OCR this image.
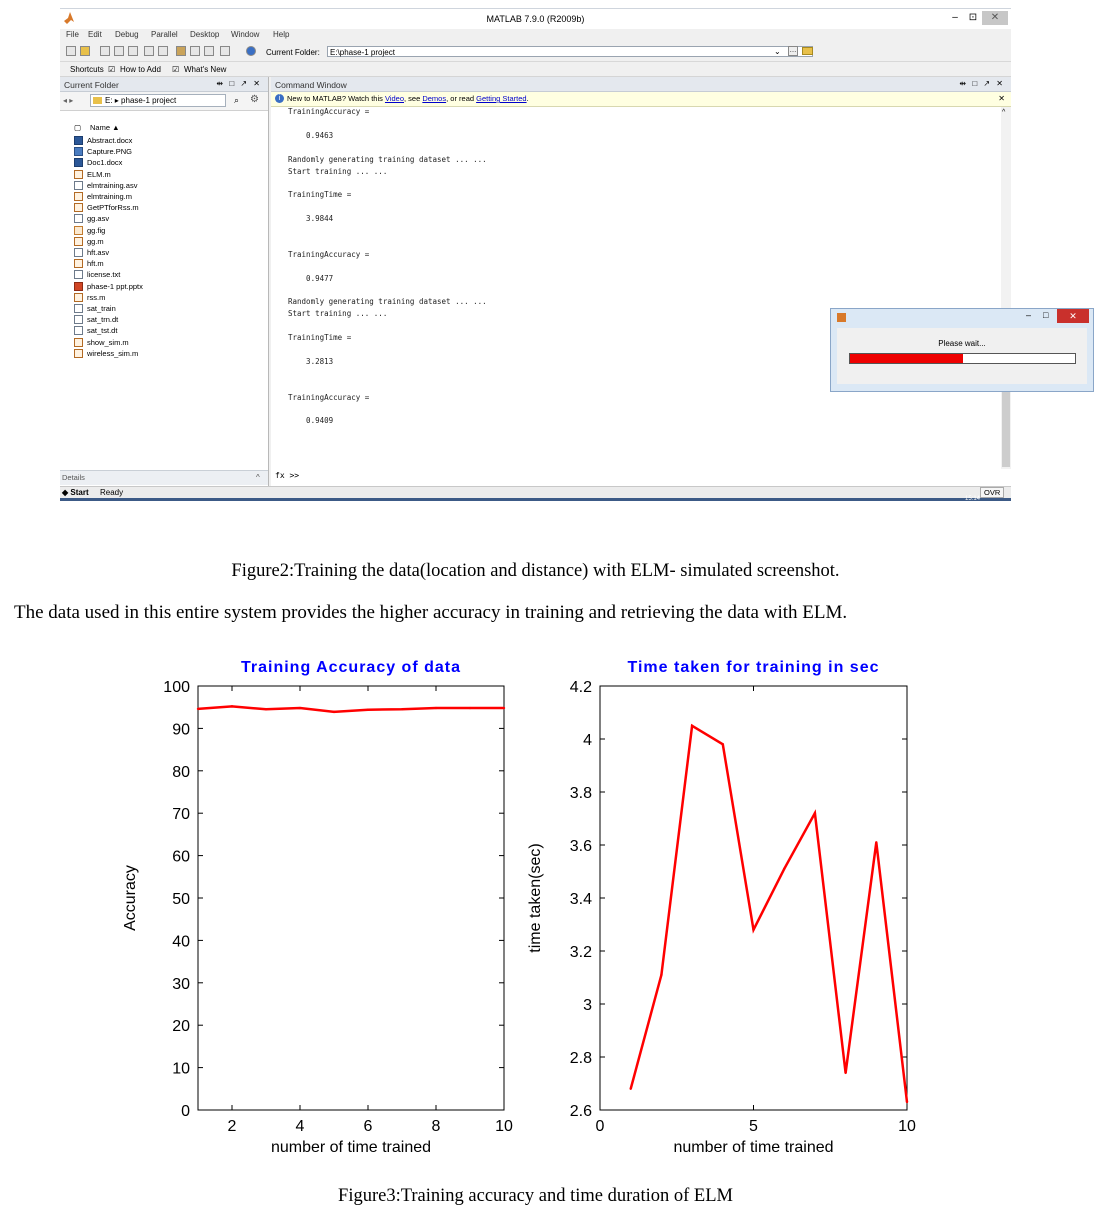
MATLAB 7.9.0 (R2009b)	–	⊡	✕
File Edit Debug Parallel Desktop Window Help
Current Folder:	E:\phase-1 project	⌄ …
Shortcuts ☑ How to Add ☑ What's New
Current Folder	⇹ □ ↗ ✕
◂ ▸	E: ▸ phase-1 project	⌕ ⚙
▢ Name ▲
Abstract.docx
Capture.PNG
Doc1.docx
ELM.m
elmtraining.asv
elmtraining.m
GetPTforRss.m
gg.asv
gg.fig
gg.m
hft.asv
hft.m
license.txt
phase-1 ppt.pptx
rss.m
sat_train
sat_trn.dt
sat_tst.dt
show_sim.m
wireless_sim.m
Details	^
Command Window	⇹ □ ↗ ✕
i New to MATLAB? Watch this Video, see Demos, or read Getting Started.	✕
TrainingAccuracy =
0.9463
Randomly generating training dataset ... ...
Start training ... ...
TrainingTime =
3.9844
TrainingAccuracy =
0.9477
Randomly generating training dataset ... ...
Start training ... ...
TrainingTime =
3.2813
TrainingAccuracy =
0.9409
^
fx >>
– □	✕
Please wait...
◆ Start Ready	OVR
15:14
Figure2:Training the data(location and distance) with ELM- simulated screenshot.
The data used in this entire system provides the higher accuracy in training and retrieving the data with ELM.
Training Accuracy of data
0
10
20
30
40
50
60
70
80
90
100
2	4	6	8	10
number of time trained
Accuracy
Time taken for training in sec
2.6
2.8
3
3.2
3.4
3.6
3.8
4
4.2
0	5	10
number of time trained
time taken(sec)
Figure3:Training accuracy and time duration of ELM
